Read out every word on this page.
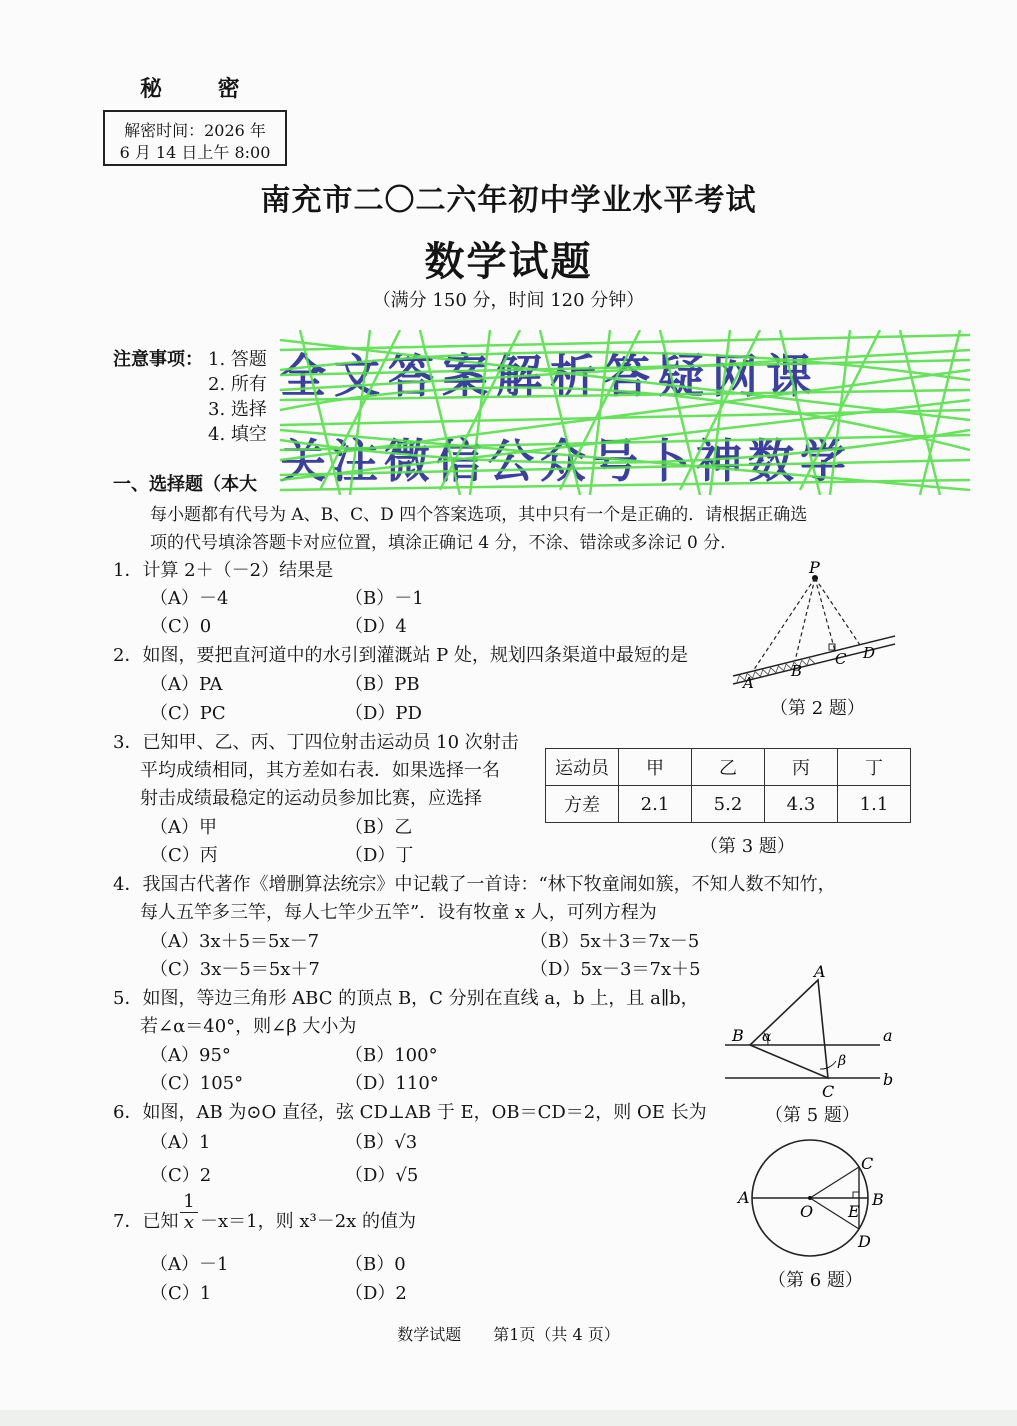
秘 密
解密时间：2026 年
6 月 14 日上午 8:00
南充市二〇二六年初中学业水平考试
数学试题
（满分 150 分，时间 120 分钟）
注意事项： 1. 答题
2. 所有
3. 选择
4. 填空
全文答案解析答疑网课
关注微信公众号卜神数学
一、选择题（本大
每小题都有代号为 A、B、C、D 四个答案选项，其中只有一个是正确的．请根据正确选
项的代号填涂答题卡对应位置，填涂正确记 4 分，不涂、错涂或多涂记 0 分．
1．计算 2＋（－2）结果是
（A）－4	（B）－1
（C）0	（D）4
2．如图，要把直河道中的水引到灌溉站 P 处，规划四条渠道中最短的是
（A）PA	（B）PB
（C）PC	（D）PD
P
A
B
C D
（第 2 题）
3．已知甲、乙、丙、丁四位射击运动员 10 次射击
平均成绩相同，其方差如右表．如果选择一名
射击成绩最稳定的运动员参加比赛，应选择
（A）甲	（B）乙
（C）丙	（D）丁
运动员	甲	乙	丙	丁
方差	2.1	5.2	4.3	1.1
（第 3 题）
4．我国古代著作《增删算法统宗》中记载了一首诗：“林下牧童闹如簇，不知人数不知竹，
每人五竿多三竿，每人七竿少五竿”．设有牧童 x 人，可列方程为
（A）3x＋5＝5x－7	（B）5x＋3＝7x－5
（C）3x－5＝5x＋7	（D）5x－3＝7x＋5
5．如图，等边三角形 ABC 的顶点 B，C 分别在直线 a，b 上，且 a∥b，
若∠α＝40°，则∠β 大小为
（A）95°	（B）100°
（C）105°	（D）110°
A
B
C
a
b
α
β
（第 5 题）
6．如图，AB 为⊙O 直径，弦 CD⊥AB 于 E，OB＝CD＝2，则 OE 长为
（A）1	（B）√3
（C）2	（D）√5
A	B
C
D
O E
（第 6 题）
7．已知 $\frac{1}{x} -x=1$，则 x³－2x 的值为
（A）－1	（B）0
（C）1	（D）2
数学试题　　第1页（共 4 页）
